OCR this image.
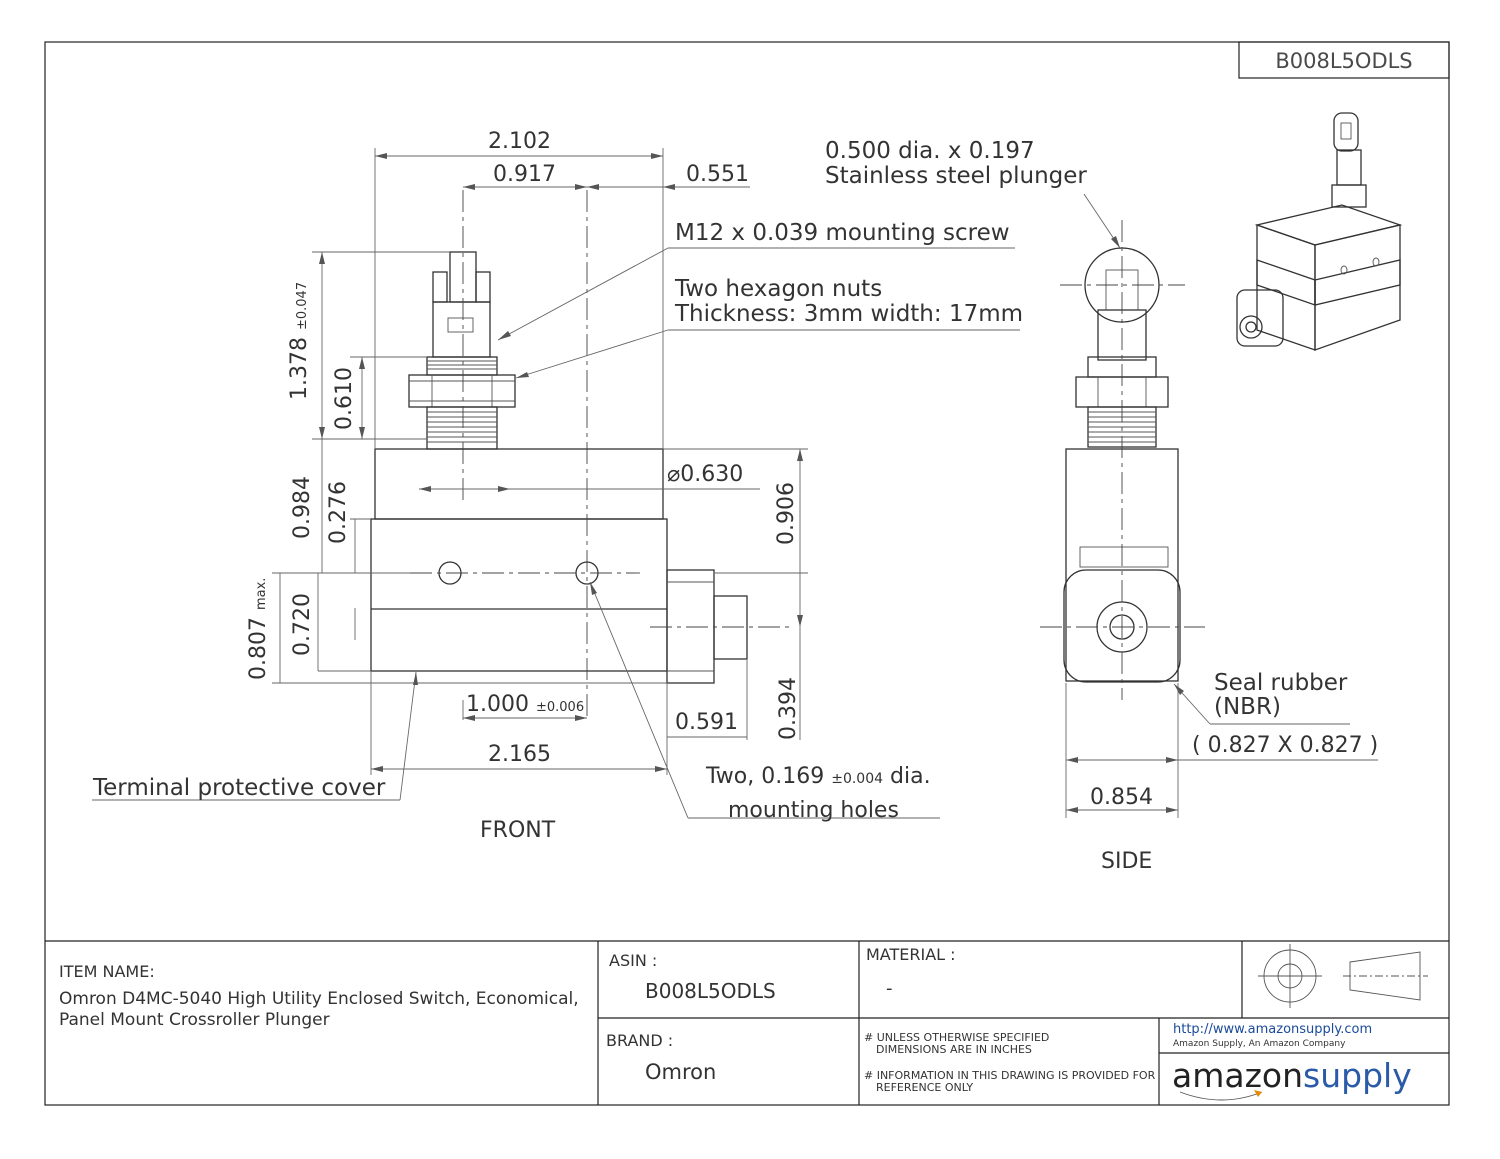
B008L5ODLS
2.102
0.917	0.551
1.378 ±0.047
0.610
0.984 0.276
0.807 max. 0.720
⌀0.630
0.906
1.000 ±0.006
0.591 0.394
2.165
FRONT
M12 x 0.039 mounting screw
Two hexagon nuts
Thickness: 3mm width: 17mm
0.500 dia. x 0.197
Stainless steel plunger
Two, 0.169 ±0.004 dia.
mounting holes
Terminal protective cover
Seal rubber
(NBR)
( 0.827 X 0.827 )
0.854
SIDE
ITEM NAME:
Omron D4MC-5040 High Utility Enclosed Switch, Economical,
Panel Mount Crossroller Plunger
ASIN :
B008L5ODLS
MATERIAL :
-
BRAND :
Omron
# UNLESS OTHERWISE SPECIFIED
DIMENSIONS ARE IN INCHES
# INFORMATION IN THIS DRAWING IS PROVIDED FOR
REFERENCE ONLY
http://www.amazonsupply.com
Amazon Supply, An Amazon Company
amazonsupply
